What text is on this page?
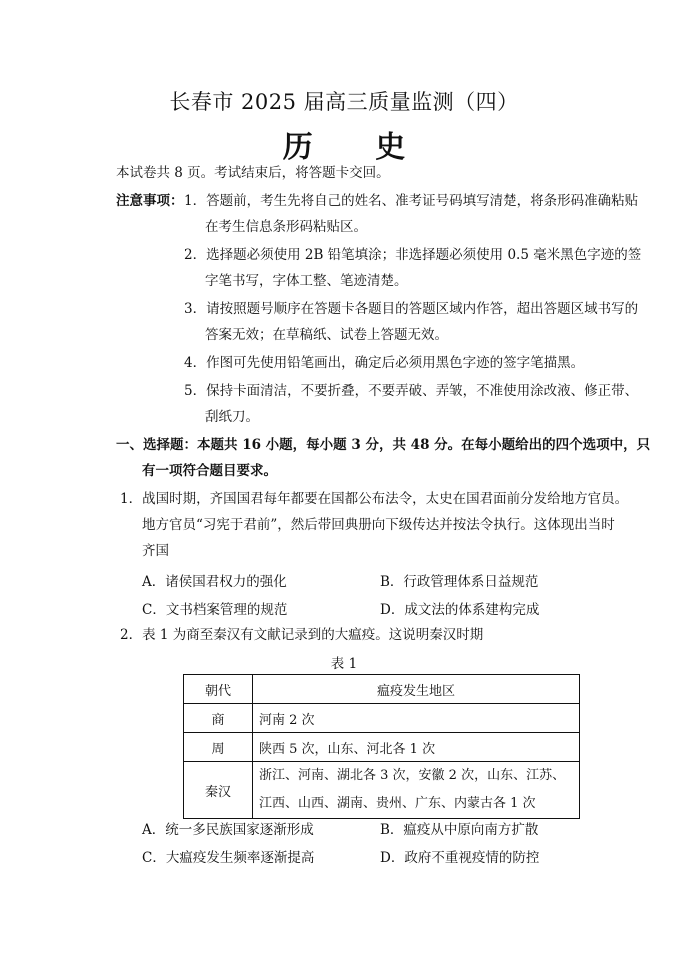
长春市 2025 届高三质量监测（四）
历 史
本试卷共 8 页。考试结束后，将答题卡交回。
注意事项： 1．答题前，考生先将自己的姓名、准考证号码填写清楚，将条形码准确粘贴
在考生信息条形码粘贴区。
2．选择题必须使用 2B 铅笔填涂；非选择题必须使用 0.5 毫米黑色字迹的签
字笔书写，字体工整、笔迹清楚。
3．请按照题号顺序在答题卡各题目的答题区域内作答，超出答题区域书写的
答案无效；在草稿纸、试卷上答题无效。
4．作图可先使用铅笔画出，确定后必须用黑色字迹的签字笔描黑。
5．保持卡面清洁，不要折叠，不要弄破、弄皱，不准使用涂改液、修正带、
刮纸刀。
一、选择题：本题共 16 小题，每小题 3 分，共 48 分。在每小题给出的四个选项中，只
有一项符合题目要求。
1．战国时期，齐国国君每年都要在国都公布法令，太史在国君面前分发给地方官员。
地方官员“习宪于君前”，然后带回典册向下级传达并按法令执行。这体现出当时
齐国
A．诸侯国君权力的强化	B．行政管理体系日益规范
C．文书档案管理的规范	D．成文法的体系建构完成
2．表 1 为商至秦汉有文献记录到的大瘟疫。这说明秦汉时期
表 1
朝代	瘟疫发生地区
商	河南 2 次
周	陕西 5 次，山东、河北各 1 次
秦汉	浙江、河南、湖北各 3 次，安徽 2 次，山东、江苏、
江西、山西、湖南、贵州、广东、内蒙古各 1 次
A．统一多民族国家逐渐形成	B．瘟疫从中原向南方扩散
C．大瘟疫发生频率逐渐提高	D．政府不重视疫情的防控
